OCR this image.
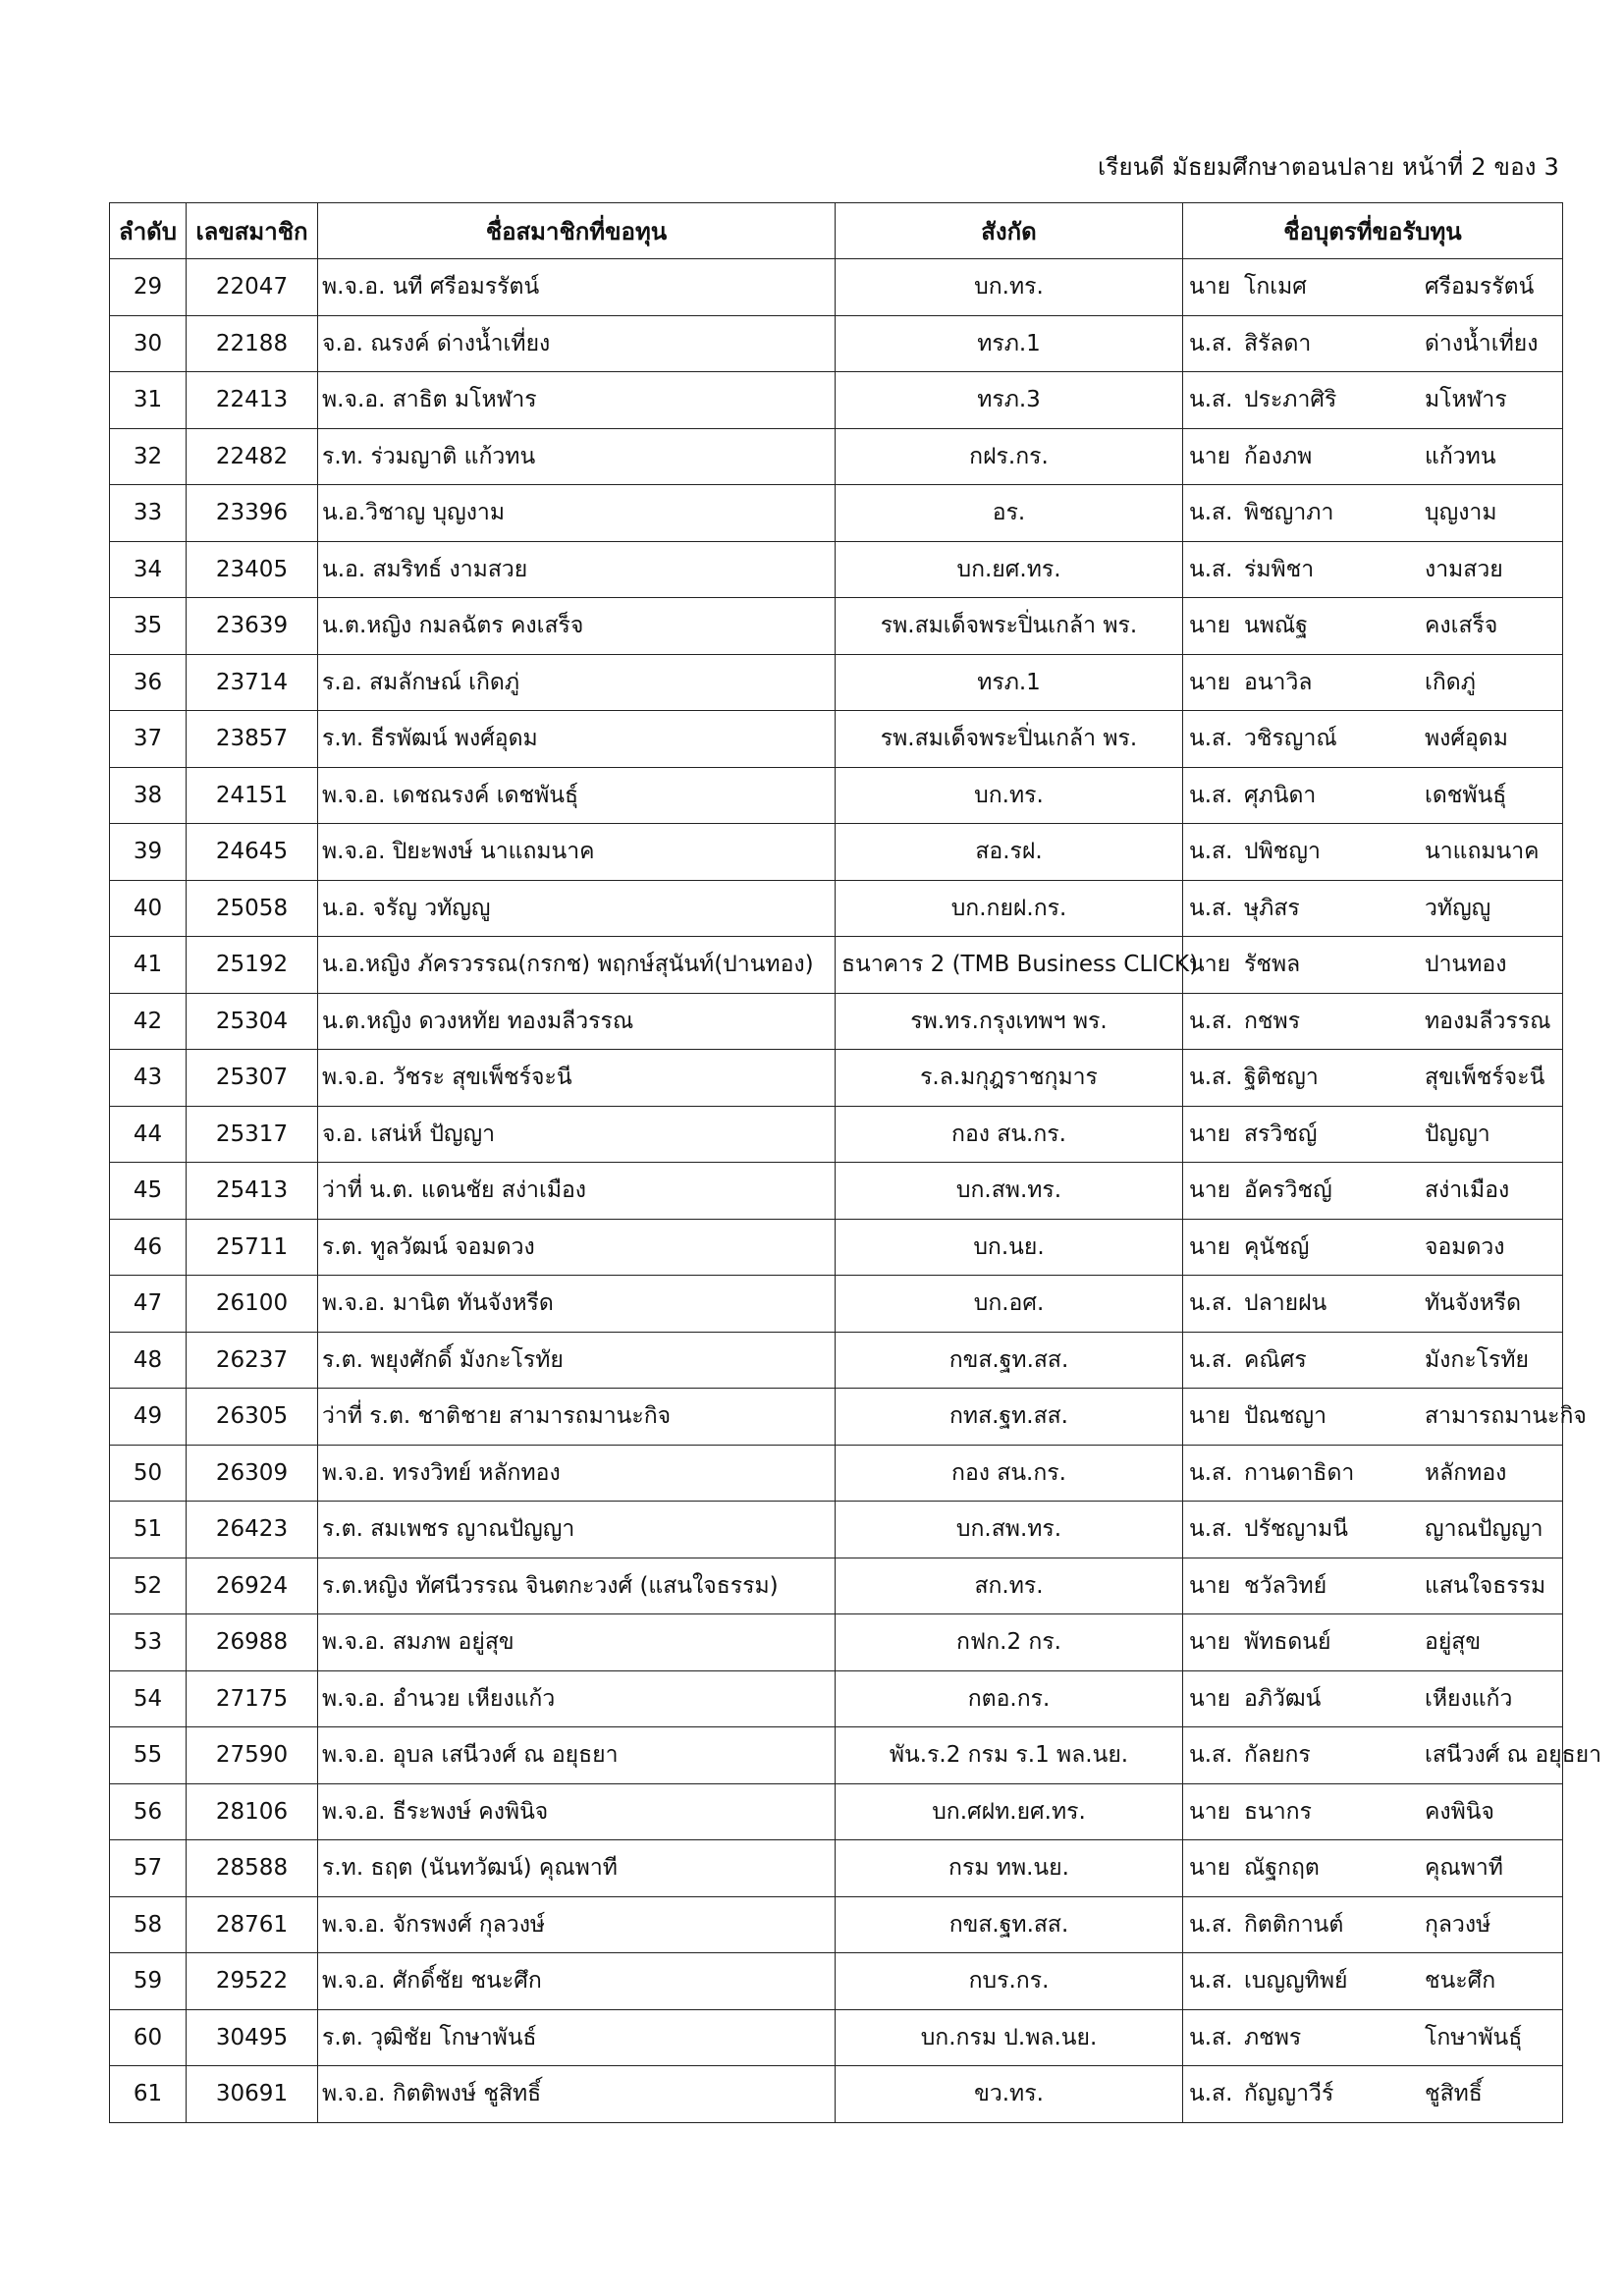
เรียนดี มัธยมศึกษาตอนปลาย หน้าที่ 2 ของ 3
ลำดับ	เลขสมาชิก	ชื่อสมาชิกที่ขอทุน	สังกัด	ชื่อบุตรที่ขอรับทุน
29	22047	พ.จ.อ. นที ศรีอมรรัตน์	บก.ทร.	นาย โกเมศ ศรีอมรรัตน์

30	22188	จ.อ. ณรงค์ ด่างน้ำเที่ยง	ทรภ.1	น.ส. สิรัลดา ด่างน้ำเที่ยง

31	22413	พ.จ.อ. สาธิต มโหฬาร	ทรภ.3	น.ส. ประภาศิริ มโหฬาร

32	22482	ร.ท. ร่วมญาติ แก้วทน	กฝร.กร.	นาย ก้องภพ แก้วทน

33	23396	น.อ.วิชาญ บุญงาม	อร.	น.ส. พิชญาภา บุญงาม

34	23405	น.อ. สมริทธ์ งามสวย	บก.ยศ.ทร.	น.ส. ร่มพิชา งามสวย

35	23639	น.ต.หญิง กมลฉัตร คงเสร็จ	รพ.สมเด็จพระปิ่นเกล้า พร.	นาย นพณัฐ คงเสร็จ

36	23714	ร.อ. สมลักษณ์ เกิดภู่	ทรภ.1	นาย อนาวิล เกิดภู่

37	23857	ร.ท. ธีรพัฒน์ พงศ์อุดม	รพ.สมเด็จพระปิ่นเกล้า พร.	น.ส. วชิรญาณ์ พงศ์อุดม

38	24151	พ.จ.อ. เดชณรงค์ เดชพันธุ์	บก.ทร.	น.ส. ศุภนิดา เดชพันธุ์

39	24645	พ.จ.อ. ปิยะพงษ์ นาแถมนาค	สอ.รฝ.	น.ส. ปพิชญา นาแถมนาค

40	25058	น.อ. จรัญ วทัญญู	บก.กยฝ.กร.	น.ส. ษุภิสร วทัญญู

41	25192	น.อ.หญิง ภัครวรรณ(กรกช) พฤกษ์สุนันท์(ปานทอง)	ธนาคาร 2 (TMB Business CLICK)	นาย รัชพล ปานทอง

42	25304	น.ต.หญิง ดวงหทัย ทองมลีวรรณ	รพ.ทร.กรุงเทพฯ พร.	น.ส. กชพร ทองมลีวรรณ

43	25307	พ.จ.อ. วัชระ สุขเพ็ชร์จะนี	ร.ล.มกุฎราชกุมาร	น.ส. ฐิติชญา สุขเพ็ชร์จะนี

44	25317	จ.อ. เสน่ห์ ปัญญา	กอง สน.กร.	นาย สรวิชญ์ ปัญญา

45	25413	ว่าที่ น.ต. แดนชัย สง่าเมือง	บก.สพ.ทร.	นาย อัครวิชญ์ สง่าเมือง

46	25711	ร.ต. ทูลวัฒน์ จอมดวง	บก.นย.	นาย คุนัชญ์ จอมดวง

47	26100	พ.จ.อ. มานิต ทันจังหรีด	บก.อศ.	น.ส. ปลายฝน ทันจังหรีด

48	26237	ร.ต. พยุงศักดิ์ มังกะโรทัย	กขส.ฐท.สส.	น.ส. คณิศร มังกะโรทัย

49	26305	ว่าที่ ร.ต. ชาติชาย สามารถมานะกิจ	กทส.ฐท.สส.	นาย ปัณชญา สามารถมานะกิจ

50	26309	พ.จ.อ. ทรงวิทย์ หลักทอง	กอง สน.กร.	น.ส. กานดาธิดา หลักทอง

51	26423	ร.ต. สมเพชร ญาณปัญญา	บก.สพ.ทร.	น.ส. ปรัชญามนี ญาณปัญญา

52	26924	ร.ต.หญิง ทัศนีวรรณ จินตกะวงศ์ (แสนใจธรรม)	สก.ทร.	นาย ชวัลวิทย์ แสนใจธรรม

53	26988	พ.จ.อ. สมภพ อยู่สุข	กฟก.2 กร.	นาย พัทธดนย์ อยู่สุข

54	27175	พ.จ.อ. อำนวย เหียงแก้ว	กตอ.กร.	นาย อภิวัฒน์ เหียงแก้ว

55	27590	พ.จ.อ. อุบล เสนีวงศ์ ณ อยุธยา	พัน.ร.2 กรม ร.1 พล.นย.	น.ส. กัลยกร เสนีวงศ์ ณ อยุธยา

56	28106	พ.จ.อ. ธีระพงษ์ คงพินิจ	บก.ศฝท.ยศ.ทร.	นาย ธนากร คงพินิจ

57	28588	ร.ท. ธฤต (นันทวัฒน์) คุณพาที	กรม ทพ.นย.	นาย ณัฐกฤต คุณพาที

58	28761	พ.จ.อ. จักรพงศ์ กุลวงษ์	กขส.ฐท.สส.	น.ส. กิตติกานต์ กุลวงษ์

59	29522	พ.จ.อ. ศักดิ์ชัย ชนะศึก	กบร.กร.	น.ส. เบญญทิพย์ ชนะศึก

60	30495	ร.ต. วุฒิชัย โกษาพันธ์	บก.กรม ป.พล.นย.	น.ส. ภชพร โกษาพันธุ์

61	30691	พ.จ.อ. กิตติพงษ์ ชูสิทธิ์	ขว.ทร.	น.ส. กัญญาวีร์ ชูสิทธิ์
